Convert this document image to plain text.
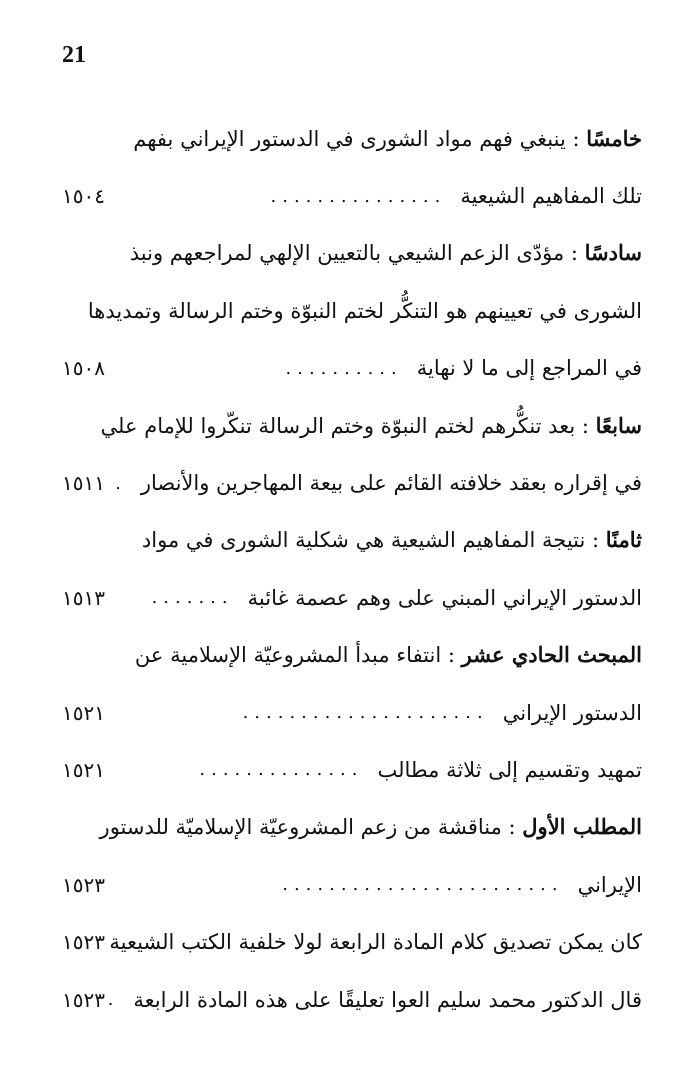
21
خامسًا : ينبغي فهم مواد الشورى في الدستور الإيراني بفهم
تلك المفاهيم الشيعية
...............
١٥٠٤
سادسًا : مؤدّى الزعم الشيعي بالتعيين الإلهي لمراجعهم ونبذ
الشورى في تعيينهم هو التنكُّر لختم النبوّة وختم الرسالة وتمديدها
في المراجع إلى ما لا نهاية
..........
١٥٠٨
سابعًا : بعد تنكُّرهم لختم النبوّة وختم الرسالة تنكّروا للإمام علي
في إقراره بعقد خلافته القائم على بيعة المهاجرين والأنصار
.
١٥١١
ثامنًا : نتيجة المفاهيم الشيعية هي شكلية الشورى في مواد
الدستور الإيراني المبني على وهم عصمة غائبة
.......
١٥١٣
المبحث الحادي عشر : انتفاء مبدأ المشروعيّة الإسلامية عن
الدستور الإيراني
.....................
١٥٢١
تمهيد وتقسيم إلى ثلاثة مطالب
..............
١٥٢١
المطلب الأول : مناقشة من زعم المشروعيّة الإسلاميّة للدستور
الإيراني
........................
١٥٢٣
كان يمكن تصديق كلام المادة الرابعة لولا خلفية الكتب الشيعية
١٥٢٣
قال الدكتور محمد سليم العوا تعليقًا على هذه المادة الرابعة
.
١٥٢٣
